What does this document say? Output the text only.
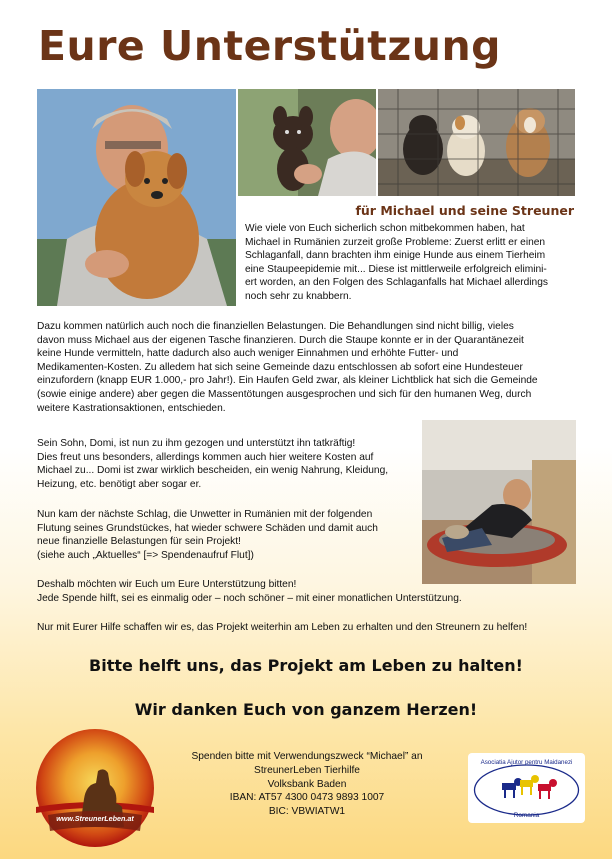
Eure Unterstützung
für Michael und seine Streuner
Wie viele von Euch sicherlich schon mitbekommen haben, hat
Michael in Rumänien zurzeit große Probleme: Zuerst erlitt er einen
Schlaganfall, dann brachten ihm einige Hunde aus einem Tierheim
eine Staupeepidemie mit... Diese ist mittlerweile erfolgreich elimini-
ert worden, an den Folgen des Schlaganfalls hat Michael allerdings
noch sehr zu knabbern.
Dazu kommen natürlich auch noch die finanziellen Belastungen. Die Behandlungen sind nicht billig, vieles
davon muss Michael aus der eigenen Tasche finanzieren. Durch die Staupe konnte er in der Quarantänezeit
keine Hunde vermitteln, hatte dadurch also auch weniger Einnahmen und erhöhte Futter- und
Medikamenten-Kosten. Zu alledem hat sich seine Gemeinde dazu entschlossen ab sofort eine Hundesteuer
einzufordern (knapp EUR 1.000,- pro Jahr!). Ein Haufen Geld zwar, als kleiner Lichtblick hat sich die Gemeinde
(sowie einige andere) aber gegen die Massentötungen ausgesprochen und sich für den humanen Weg, durch
weitere Kastrationsaktionen, entschieden.
Sein Sohn, Domi, ist nun zu ihm gezogen und unterstützt ihn tatkräftig!
Dies freut uns besonders, allerdings kommen auch hier weitere Kosten auf
Michael zu... Domi ist zwar wirklich bescheiden, ein wenig Nahrung, Kleidung,
Heizung, etc. benötigt aber sogar er.
Nun kam der nächste Schlag, die Unwetter in Rumänien mit der folgenden
Flutung seines Grundstückes, hat wieder schwere Schäden und damit auch
neue finanzielle Belastungen für sein Projekt!
(siehe auch „Aktuelles“ [=> Spendenaufruf Flut])
Deshalb möchten wir Euch um Eure Unterstützung bitten!
Jede Spende hilft, sei es einmalig oder – noch schöner – mit einer monatlichen Unterstützung.
Nur mit Eurer Hilfe schaffen wir es, das Projekt weiterhin am Leben zu erhalten und den Streunern zu helfen!
Bitte helft uns, das Projekt am Leben zu halten!
Wir danken Euch von ganzem Herzen!
www.StreunerLeben.at
Spenden bitte mit Verwendungszweck “Michael” an
StreunerLeben Tierhilfe
Volksbank Baden
IBAN: AT57 4300 0473 9893 1007
BIC: VBWIATW1
Asociatia Ajutor pentru Maidanezi
Romania
